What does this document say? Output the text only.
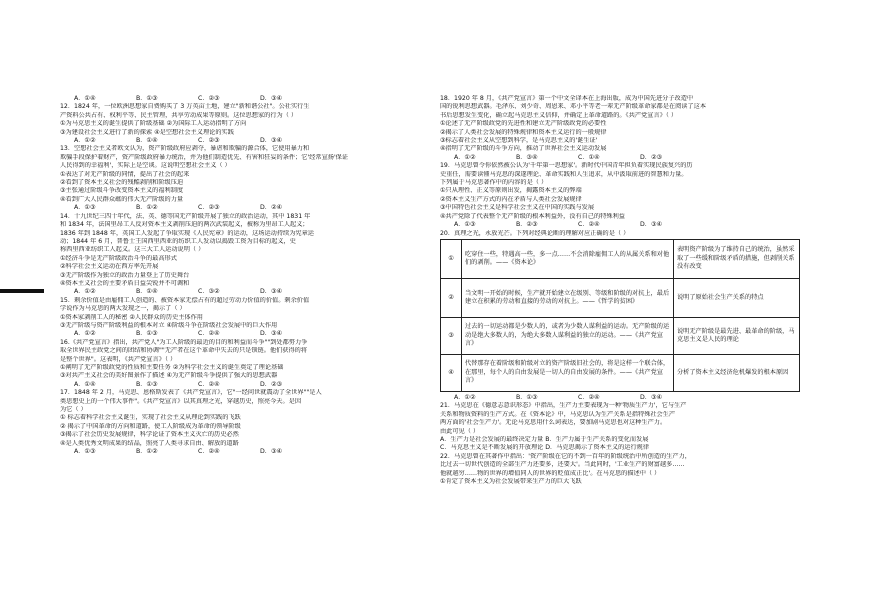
A．①④	B．①③	C．②③	D．③④
12．1824 年，一位欧洲思想家自费购买了 3 万英亩土地，建立"新和谐公社"。公社实行生
产资料公共占有、权利平等、民主管理，共享劳动成果等原则。这位思想家的行为（ ）
①为马克思主义的诞生提供了阶级基础 ②为国际工人运动指明了方向
③为建设社会主义进行了新的探索 ④是空想社会主义理论的实践
A．①②	B．①④	C．②③	D．③④
13．空想社会主义者欧文认为，资产阶级政府应剥夺，暴虐和欺骗的源合体，它使用暴力和
欺骗手段保护着财产，资产阶级政府暴力统治，并为他们制造优先、有害和狂妄的条件；它'经常宣扬'保证
人民得到的幸福利'，实际上是空谈。这说明空想社会主义（ ）
①表达了对无产阶级的同情，提出了社会的起来
②看到了资本主义社会的残酷剥削和阶级压迫
③主张通过阶级斗争改变资本主义的福利制度
④看到广大人民群众蕴的伟大无产阶级的力量
A．①③	B．①②	C．②③	D．②④
14．十九世纪三四十年代，法、英、德等国无产阶级开展了独立的政治运动，其中 1831 年
和 1834 年，法国里昂工人反对资本主义剥削压迫的两次武装起义，被称为里昂工人起义；
1836 年到 1848 年，英国工人发起了争取实现《人民宪章》的运动，这场运动持续为宪章运
动；1844 年 6 月，普鲁士王国西里西亚的纺织工人发动以捣毁工资为目标的起义，史
称西里西亚纺织工人起义。这三大工人运动说明（ ）
①经济斗争是无产阶级政治斗争的最高形式
②科学社会主义运动在西方率先开展
③无产阶级作为独立的政治力量登上了历史舞台
④资本主义社会的主要矛盾日益尖锐并不可调和
A．①②	B．①④	C．③②	D．③④
15．剩余价值是由雇佣工人创造的、被资本家无偿占有的超过劳动力价值的价值。剩余价值
学说作为马克思的两大发现之一，揭示了（ ）
①资本家剥削工人的秘密 ②人民群众的历史主体作用
③无产阶级与资产阶级利益的根本对立 ④阶级斗争在阶级社会发展中的巨大作用
A．①②	B．①③	C．②④	D．③④
16.《共产党宣言》指出，共产党人"为工人阶级的最近的目的和利益而斗争""到处都努力争
取全世界民主政党之间的团结和协调""无产者在这个革命中失去的只是锁链。他们获得的将
是整个世界"。这表明，《共产党宣言》（ ）
①阐明了无产阶级政党的性质和主要任务 ②为科学社会主义的诞生奠定了理论基础
③对共产主义社会的美好图景作了描述 ④为无产阶级斗争提供了强大的思想武器
A．①④	B．①③	C．②④	D．②③
17．1848 年 2 月，马克思、恩格斯发表了《共产党宣言》，它"一经问世就震动了全世界""是人
类思想史上的一个伟大事件"。《共产党宣言》以其真理之光，穿越历史，照亮今天。是因
为它（ ）
① 标志着科学社会主义诞生，实现了社会主义从理论到实践的飞跃
② 揭示了中国革命的方向和道路，使工人阶级成为革命的领导阶级
③揭示了社会历史发展规律，科学论证了资本主义灭亡的历史必然
④是人类优秀文明成果的结晶，照亮了人类寻求自由、解放的道路
A．①③	B．①②	C．②④	D．③④
18．1920 年 8 月，《共产党宣言》第一个中文全译本在上海出版，成为中国先进分子改造中
国的锐利思想武器。毛泽东、刘少奇、周恩来、邓小平等老一辈无产阶级革命家都是在阅读了这本
书后思想发生变化，确立起马克思主义信仰，并确定上革命道路的。《共产党宣言》（ ）
①论述了无产阶级政党的先进性和建立无产阶级政党的必要性
②揭示了人类社会发展的特殊规律和资本主义运行的一般规律
③标志着社会主义从空想到科学，是马克思主义的'诞生证'
④指明了无产阶级的斗争方向，推动了世界社会主义运动发展
A．①②	B．③④	C．①④	D．②③
19．马克思曾令你依然被公认为'千年第一思想家'。新时代中国青年担负着实现民族复兴的历
史重任，需要读懂马克思的深遂理论、革命实践和人生追求，从中汲取前进的智慧和力量。
下列属于马克思著作中的内容的是（ ）
①只从理性、正义等原则出发，揭露资本主义的弊端
②资本主义生产方式的内在矛盾与人类社会发展规律
③中国特色社会主义是科学社会主义在中国的实践与发展
④共产党除了代表整个无产阶级的根本利益外，没有自己的特殊利益
A．①③	B．②③	C．②④	D．③④
20．真理之光，永放光芒。下列对经典论断的理解对应正确的是（ ）
①	吃穿住一些，特遇高一些，多一点……不会消除雇佣工人的从属关系和对他们的剥削。——《资本论》	表明资产阶级为了维持自己的统治，虽然采取了一些缓和阶级矛盾的措施，但剥削关系没有改变
②	当文明一开始的时候，生产就开始建立在级别、等级和阶级的对抗上，最后建立在积累的劳动和直接的劳动的对抗上。——《哲学的贫困》	说明了原始社会生产关系的特点
③	过去的一切运动都是少数人的，或者为少数人谋利益的运动。无产阶级的运动是绝大多数人的，为绝大多数人谋利益的独立的运动。——《共产党宣言》	说明无产阶级是最先进、最革命的阶级，马克思主义是人民的理论
④	代替那存在着阶级和阶级对立的资产阶级旧社会的，将是这样一个联合体，在那里，每个人的自由发展是一切人的自由发展的条件。——《共产党宣言》	分析了资本主义经济危机爆发的根本原因
A．①②	B．①③	C．②④	D．③④
21．马克思在《德意志意识形态》中指出，生产力主要表现为一种'物质生产力'，它与生产
关系和物质资料的生产方式。在《资本论》中，马克思认为生产关系是指特殊社会生产
两方面的'社会生产力'。无论马克思用什么词表达，要加剧马克思也对这种生产力。
由此可见（ ）
A．生产力是社会发展的最终决定力量 B．生产力属于生产关系的变化而发展
C．马克思主义是不断发展的开放理论 D．马克思揭示了资本主义的运行规律
22．马克思曾在其著作中指出：'资产阶级在它的不到一百年的阶级统治中所创造的生产力，
比过去一切世代创造的全部生产力还要多，还要大'。当此同时，'工业生产的财富越多……
他就越穷……物的世界的增值同人的世界的贬值成正比'。在马克思的描述中（ ）
①肯定了资本主义为社会发展带来生产力的巨大飞跃
